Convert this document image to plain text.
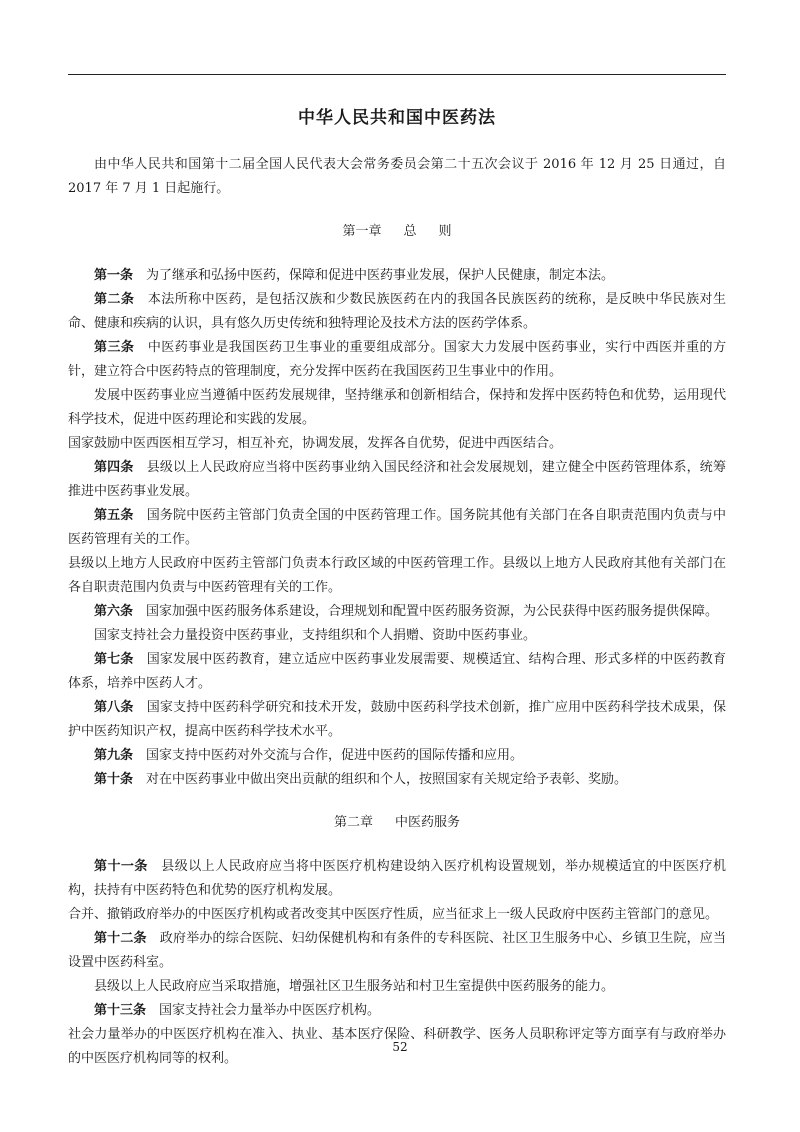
中华人民共和国中医药法

由中华人民共和国第十二届全国人民代表大会常务委员会第二十五次会议于 2016 年 12 月 25 日通过，自 2017 年 7 月 1 日起施行。

第一章 总 则

第一条　 为了继承和弘扬中医药，保障和促进中医药事业发展，保护人民健康，制定本法。

第二条　 本法所称中医药，是包括汉族和少数民族医药在内的我国各民族医药的统称，是反映中华民族对生命、健康和疾病的认识，具有悠久历史传统和独特理论及技术方法的医药学体系。

第三条　 中医药事业是我国医药卫生事业的重要组成部分。国家大力发展中医药事业，实行中西医并重的方针，建立符合中医药特点的管理制度，充分发挥中医药在我国医药卫生事业中的作用。

发展中医药事业应当遵循中医药发展规律，坚持继承和创新相结合，保持和发挥中医药特色和优势，运用现代科学技术，促进中医药理论和实践的发展。

国家鼓励中医西医相互学习，相互补充，协调发展，发挥各自优势，促进中西医结合。

第四条　 县级以上人民政府应当将中医药事业纳入国民经济和社会发展规划，建立健全中医药管理体系，统筹推进中医药事业发展。

第五条　 国务院中医药主管部门负责全国的中医药管理工作。国务院其他有关部门在各自职责范围内负责与中医药管理有关的工作。

县级以上地方人民政府中医药主管部门负责本行政区域的中医药管理工作。县级以上地方人民政府其他有关部门在各自职责范围内负责与中医药管理有关的工作。

第六条　 国家加强中医药服务体系建设，合理规划和配置中医药服务资源，为公民获得中医药服务提供保障。

国家支持社会力量投资中医药事业，支持组织和个人捐赠、资助中医药事业。

第七条　 国家发展中医药教育，建立适应中医药事业发展需要、规模适宜、结构合理、形式多样的中医药教育体系，培养中医药人才。

第八条　 国家支持中医药科学研究和技术开发，鼓励中医药科学技术创新，推广应用中医药科学技术成果，保护中医药知识产权，提高中医药科学技术水平。

第九条　 国家支持中医药对外交流与合作，促进中医药的国际传播和应用。

第十条　 对在中医药事业中做出突出贡献的组织和个人，按照国家有关规定给予表彰、奖励。

第二章 中医药服务

第十一条　 县级以上人民政府应当将中医医疗机构建设纳入医疗机构设置规划，举办规模适宜的中医医疗机构，扶持有中医药特色和优势的医疗机构发展。

合并、撤销政府举办的中医医疗机构或者改变其中医医疗性质，应当征求上一级人民政府中医药主管部门的意见。

第十二条　 政府举办的综合医院、妇幼保健机构和有条件的专科医院、社区卫生服务中心、乡镇卫生院，应当设置中医药科室。

县级以上人民政府应当采取措施，增强社区卫生服务站和村卫生室提供中医药服务的能力。

第十三条　 国家支持社会力量举办中医医疗机构。

社会力量举办的中医医疗机构在准入、执业、基本医疗保险、科研教学、医务人员职称评定等方面享有与政府举办的中医医疗机构同等的权利。

52
